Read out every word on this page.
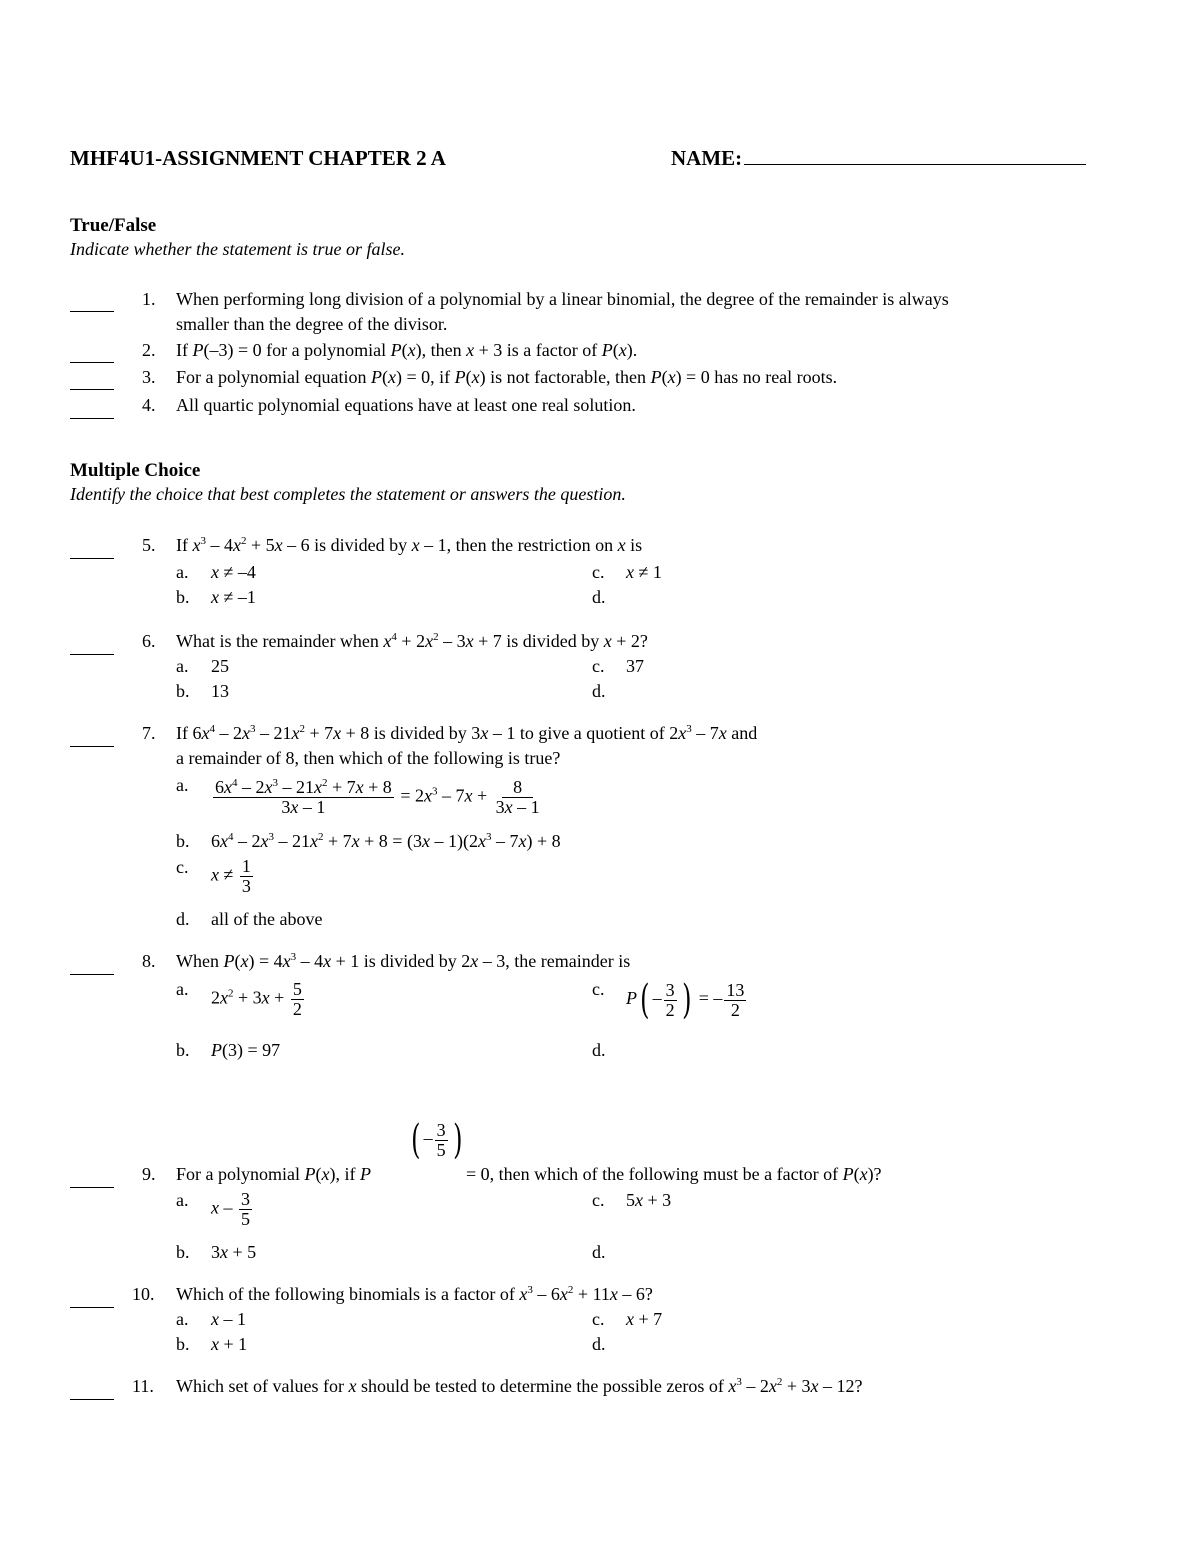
MHF4U1-ASSIGNMENT CHAPTER 2 A	NAME:
True/False
Indicate whether the statement is true or false.
1. When performing long division of a polynomial by a linear binomial, the degree of the remainder is always
smaller than the degree of the divisor.
2. If P(–3) = 0 for a polynomial P(x), then x + 3 is a factor of P(x).
3. For a polynomial equation P(x) = 0, if P(x) is not factorable, then P(x) = 0 has no real roots.
4. All quartic polynomial equations have at least one real solution.
Multiple Choice
Identify the choice that best completes the statement or answers the question.
5. If $x^3 - 4x^2 + 5x - 6$ is divided by x – 1, then the restriction on x is
a. x ≠ –4	c. x ≠ 1
b. x ≠ –1	d.
6. What is the remainder when $x^4 + 2x^2 - 3x + 7$ is divided by x + 2?
a. 25	c. 37
b. 13	d.
7. If $6x^4 - 2x^3 - 21x^2 + 7x + 8$ is divided by 3x – 1 to give a quotient of $2x^3 - 7x$ and
a remainder of 8, then which of the following is true?
a. $\frac{6x^4 - 2x^3 - 21x^2 + 7x + 8}{3x - 1} = 2x^3 - 7x + \frac{8}{3x - 1}$
b. $6x^4 - 2x^3 - 21x^2 + 7x + 8 = (3x - 1)(2x^3 - 7x) + 8$
c. $x \ne \frac{1}{3}$
d. all of the above
8. When $P(x) = 4x^3 - 4x + 1$ is divided by 2x – 3, the remainder is
a. $2x^2 + 3x + \frac{5}{2}$	c. $P( - \frac{3}{2}$ ) = – $\frac{13}{2}$
b. P(3) = 97	d.
9. For a polynomial P(x), if P
( – $\frac{3}{5}$ )
= 0, then which of the following must be a factor of P(x)?
a. x – $\frac{3}{5}$	c. 5x + 3
b. 3x + 5	d.
10. Which of the following binomials is a factor of $x^3 - 6x^2 + 11x - 6$?
a. x – 1	c. x + 7
b. x + 1	d.
11. Which set of values for x should be tested to determine the possible zeros of $x^3 - 2x^2 + 3x - 12$?
